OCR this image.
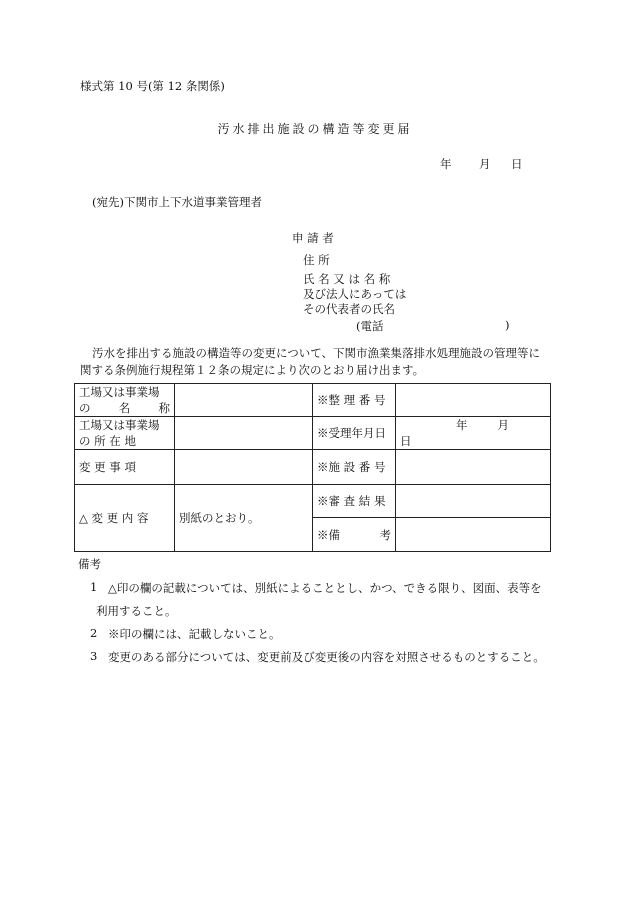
様式第 10 号(第 12 条関係)
汚水排出施設の構造等変更届
年 月 日
(宛先)下関市上下水道事業管理者
申 請 者
住 所
氏 名 又 は 名 称
及び法人にあっては
その代表者の氏名
(電話	)
汚水を排出する施設の構造等の変更について、下関市漁業集落排水処理施設の管理等に
関する条例施行規程第１２条の規定により次のとおり届け出ます。
工場又は事業場
の 名 称		※整 理 番 号	

工場又は事業場
の 所 在 地		※受理年月日	年 月日
変 更 事 項		※施 設 番 号	
△ 変 更 内 容	別紙のとおり。	※審 査 結 果	

		※備 考	

備考
1 △印の欄の記載については、別紙によることとし、かつ、できる限り、図面、表等を
利用すること。
2 ※印の欄には、記載しないこと。
3 変更のある部分については、変更前及び変更後の内容を対照させるものとすること。
